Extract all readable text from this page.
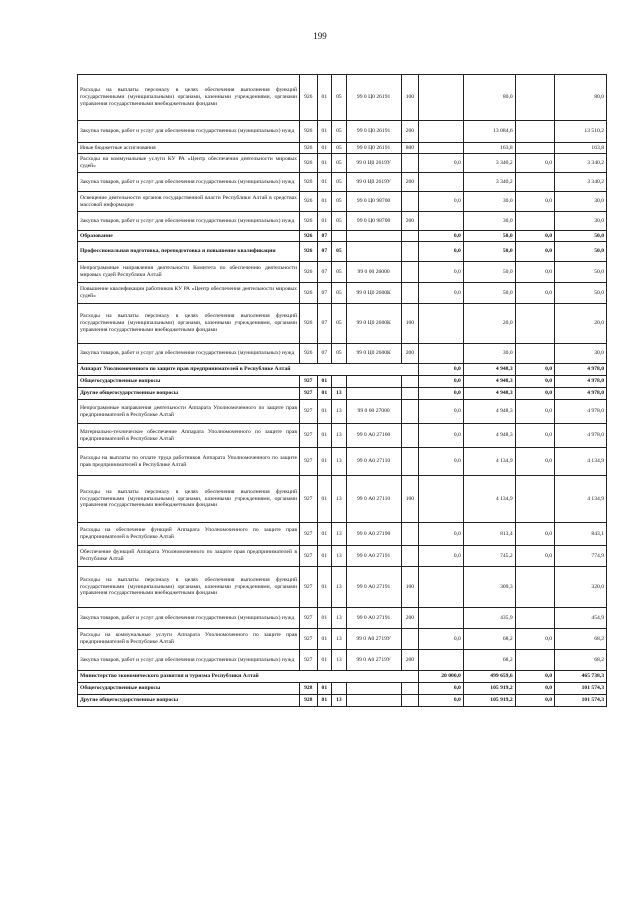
199
Расходы на выплаты персоналу в целях обеспечения выполнения функций государственными (муниципальными) органами, казенными учреждениями, органами управления государственными внебюджетными фондами	926	01	05	99 0 Ц0 26191	100		80,0		80,0
Закупка товаров, работ и услуг для обеспечения государственных (муниципальных) нужд	926	01	05	99 0 Ц0 26191	200		13 084,6		13 510,2
Иные бюджетные ассигнования	926	01	05	99 0 Ц0 26191	800		163,8		163,8
Расходы на коммунальные услуги КУ РА «Центр обеспечения деятельности мировых судей»	926	01	05	99 0 Ц0 2619У		0,0	3 340,2	0,0	3 340,2
Закупка товаров, работ и услуг для обеспечения государственных (муниципальных) нужд	926	01	05	99 0 Ц0 2619У	200		3 340,2		3 340,2
Освещение деятельности органов государственной власти Республики Алтай в средствах массовой информации	926	01	05	99 0 Ц0 98700		0,0	30,0	0,0	30,0
Закупка товаров, работ и услуг для обеспечения государственных (муниципальных) нужд	926	01	05	99 0 Ц0 98700	200		30,0		30,0
Образование	926	07				0,0	50,0	0,0	50,0
Профессиональная подготовка, переподготовка и повышение квалификации	926	07	05			0,0	50,0	0,0	50,0
Непрограммные направления деятельности Комитета по обеспечению деятельности мировых судей Республики Алтай	926	07	05	99 0 00 26000		0,0	50,0	0,0	50,0
Повышение квалификации работников КУ РА «Центр обеспечения деятельности мировых судей»	926	07	05	99 0 Ц0 2600К		0,0	50,0	0,0	50,0
Расходы на выплаты персоналу в целях обеспечения выполнения функций государственными (муниципальными) органами, казенными учреждениями, органами управления государственными внебюджетными фондами	926	07	05	99 0 Ц0 2600К	100		20,0		20,0
Закупка товаров, работ и услуг для обеспечения государственных (муниципальных) нужд	926	07	05	99 0 Ц0 2600К	200		30,0		30,0
Аппарат Уполномоченного по защите прав предпринимателей в Республике Алтай						0,0	4 948,3	0,0	4 978,0
Общегосударственные вопросы	927	01				0,0	4 948,3	0,0	4 978,0
Другие общегосударственные вопросы	927	01	13			0,0	4 948,3	0,0	4 978,0
Непрограммные направления деятельности Аппарата Уполномоченного по защите прав предпринимателей в Республике Алтай	927	01	13	99 0 00 27000		0,0	4 948,3	0,0	4 978,0
Материально-техническое обеспечение Аппарата Уполномоченного по защите прав предпринимателей в Республике Алтай	927	01	13	99 0 А0 27100		0,0	4 948,3	0,0	4 978,0
Расходы на выплаты по оплате труда работников Аппарата Уполномоченного по защите прав предпринимателей в Республике Алтай	927	01	13	99 0 А0 27110		0,0	4 134,9	0,0	4 134,9
Расходы на выплаты персоналу в целях обеспечения выполнения функций государственными (муниципальными) органами, казенными учреждениями, органами управления государственными внебюджетными фондами	927	01	13	99 0 А0 27110	100		4 134,9		4 134,9
Расходы на обеспечение функций Аппарата Уполномоченного по защите прав предпринимателей в Республике Алтай	927	01	13	99 0 А0 27190		0,0	813,4	0,0	843,1
Обеспечение функций Аппарата Уполномоченного по защите прав предпринимателей в Республике Алтай	927	01	13	99 0 А0 27191		0,0	745,2	0,0	774,9
Расходы на выплаты персоналу в целях обеспечения выполнения функций государственными (муниципальными) органами, казенными учреждениями, органами управления государственными внебюджетными фондами	927	01	13	99 0 А0 27191	100		309,3		320,0
Закупка товаров, работ и услуг для обеспечения государственных (муниципальных) нужд	927	01	13	99 0 А0 27191	200		435,9		454,9
Расходы на коммунальные услуги Аппарата Уполномоченного по защите прав предпринимателей в Республике Алтай	927	01	13	99 0 А0 2719У		0,0	68,2	0,0	68,2
Закупка товаров, работ и услуг для обеспечения государственных (муниципальных) нужд	927	01	13	99 0 А0 2719У	200		68,2		68,2
Министерство экономического развития и туризма Республики Алтай						20 000,0	499 659,6	0,0	465 738,3
Общегосударственные вопросы	928	01				0,0	105 919,2	0,0	101 574,3
Другие общегосударственные вопросы	928	01	13			0,0	105 919,2	0,0	101 574,3
